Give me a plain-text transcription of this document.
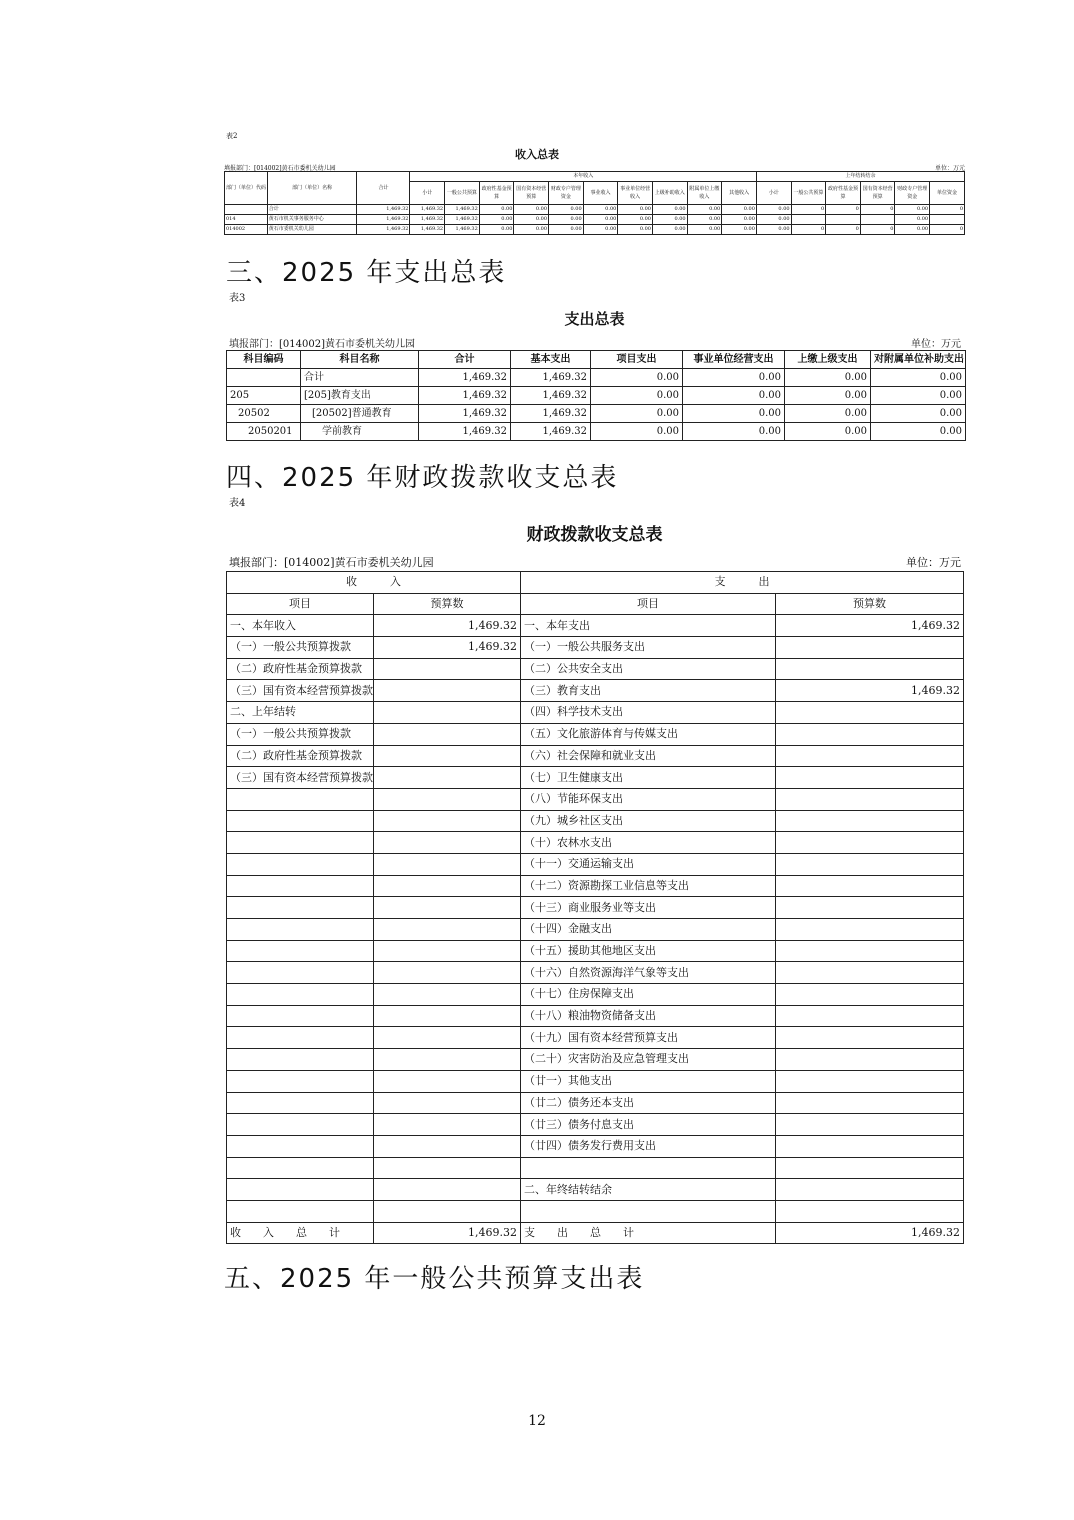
表2
收入总表
填报部门：[014002]黄石市委机关幼儿园	单位：万元
部门（单位）代码	部门（单位）名称	合计	本年收入										上年结转结余					
			小计	一般公共预算	政府性基金预算	国有资本经营预算	财政专户管理资金	事业收入	事业单位经营收入	上级补助收入	附属单位上缴收入	其他收入	小计	一般公共预算	政府性基金预算	国有资本经营预算	财政专户管理资金	单位资金
	合计	1,469.32	1,469.32	1,469.32	0.00	0.00	0.00	0.00	0.00	0.00	0.00	0.00	0.00	0	0	0	0.00	0
014	黄石市机关事务服务中心	1,469.32	1,469.32	1,469.32	0.00	0.00	0.00	0.00	0.00	0.00	0.00	0.00	0.00				0.00	
014002	黄石市委机关幼儿园	1,469.32	1,469.32	1,469.32	0.00	0.00	0.00	0.00	0.00	0.00	0.00	0.00	0.00	0	0	0	0.00	0
三、2025 年支出总表
表3
支出总表
填报部门：[014002]黄石市委机关幼儿园	单位：万元
科目编码	科目名称	合计	基本支出	项目支出	事业单位经营支出	上缴上级支出	对附属单位补助支出
	合计	1,469.32	1,469.32	0.00	0.00	0.00	0.00
205	[205]教育支出	1,469.32	1,469.32	0.00	0.00	0.00	0.00
20502	[20502]普通教育	1,469.32	1,469.32	0.00	0.00	0.00	0.00
2050201	学前教育	1,469.32	1,469.32	0.00	0.00	0.00	0.00
四、2025 年财政拨款收支总表
表4
财政拨款收支总表
填报部门：[014002]黄石市委机关幼儿园	单位：万元
收　　　入		支　　　出	
项目	预算数	项目	预算数
一、本年收入	1,469.32	一、本年支出	1,469.32
（一）一般公共预算拨款	1,469.32	（一）一般公共服务支出	
（二）政府性基金预算拨款		（二）公共安全支出	
（三）国有资本经营预算拨款		（三）教育支出	1,469.32
二、上年结转		（四）科学技术支出	
（一）一般公共预算拨款		（五）文化旅游体育与传媒支出	
（二）政府性基金预算拨款		（六）社会保障和就业支出	
（三）国有资本经营预算拨款		（七）卫生健康支出	
		（八）节能环保支出	
		（九）城乡社区支出	
		（十）农林水支出	
		（十一）交通运输支出	
		（十二）资源勘探工业信息等支出	
		（十三）商业服务业等支出	
		（十四）金融支出	
		（十五）援助其他地区支出	
		（十六）自然资源海洋气象等支出	
		（十七）住房保障支出	
		（十八）粮油物资储备支出	
		（十九）国有资本经营预算支出	
		（二十）灾害防治及应急管理支出	
		（廿一）其他支出	
		（廿二）债务还本支出	
		（廿三）债务付息支出	
		（廿四）债务发行费用支出	

		二、年终结转结余	

收　　入　　总　　计	1,469.32	支　　出　　总　　计	1,469.32
五、2025 年一般公共预算支出表
12
